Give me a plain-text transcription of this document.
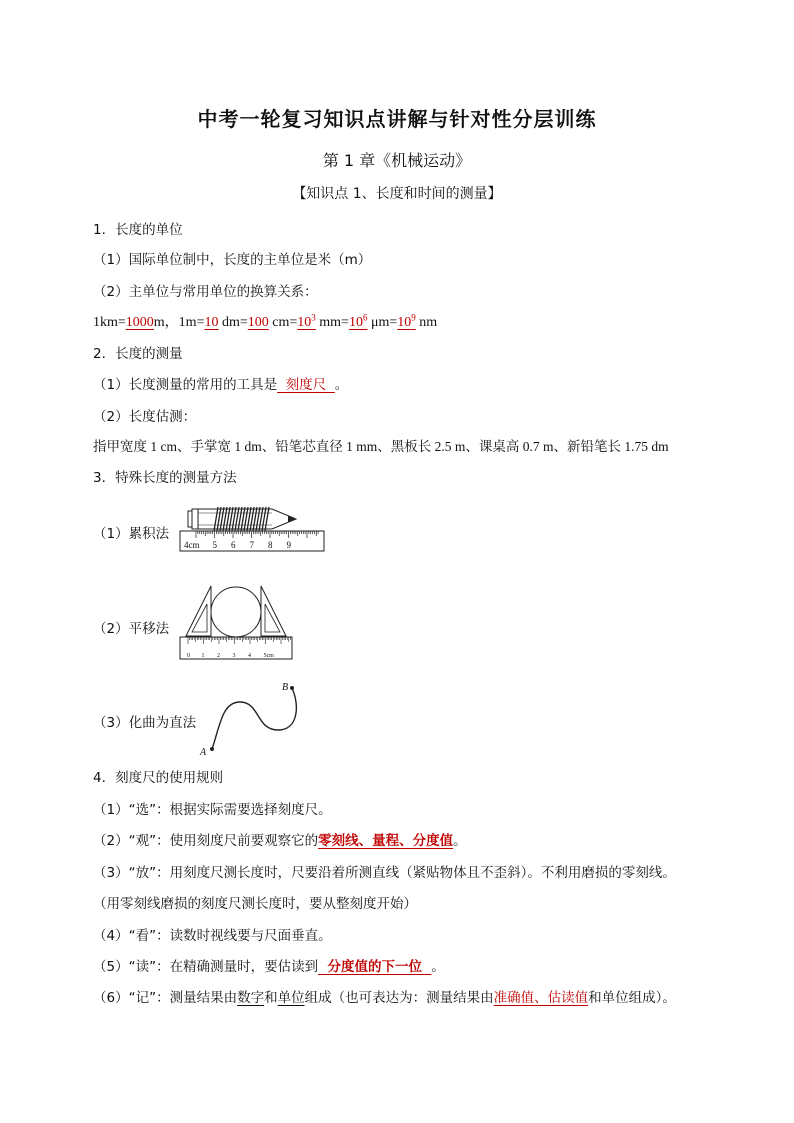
中考一轮复习知识点讲解与针对性分层训练
第 1 章《机械运动》
【知识点 1、长度和时间的测量】
1．长度的单位
（1）国际单位制中，长度的主单位是米（m）
（2）主单位与常用单位的换算关系：
1km=1000m，1m=10 dm=100 $cm=10^3$ $mm=10^6$ $\mu m=10^9$ nm
2．长度的测量
（1）长度测量的常用的工具是  刻度尺  。
（2）长度估测：
指甲宽度 1 cm、手掌宽 1 dm、铅笔芯直径 1 mm、黑板长 2.5 m、课桌高 0.7 m、新铅笔长 1.75 dm
3．特殊长度的测量方法
（1）累积法
4cm 5 6 7 8 9
（2）平移法
0 1 2 3 4 5cm
（3）化曲为直法
A
B
4．刻度尺的使用规则
（1）“选”：根据实际需要选择刻度尺。
（2）“观”：使用刻度尺前要观察它的零刻线、量程、分度值。
（3）“放”：用刻度尺测长度时，尺要沿着所测直线（紧贴物体且不歪斜）。不利用磨损的零刻线。
（用零刻线磨损的刻度尺测长度时，要从整刻度开始）
（4）“看”：读数时视线要与尺面垂直。
（5）“读”：在精确测量时，要估读到  分度值的下一位  。
（6）“记”：测量结果由数字和单位组成（也可表达为：测量结果由准确值、估读值和单位组成）。
